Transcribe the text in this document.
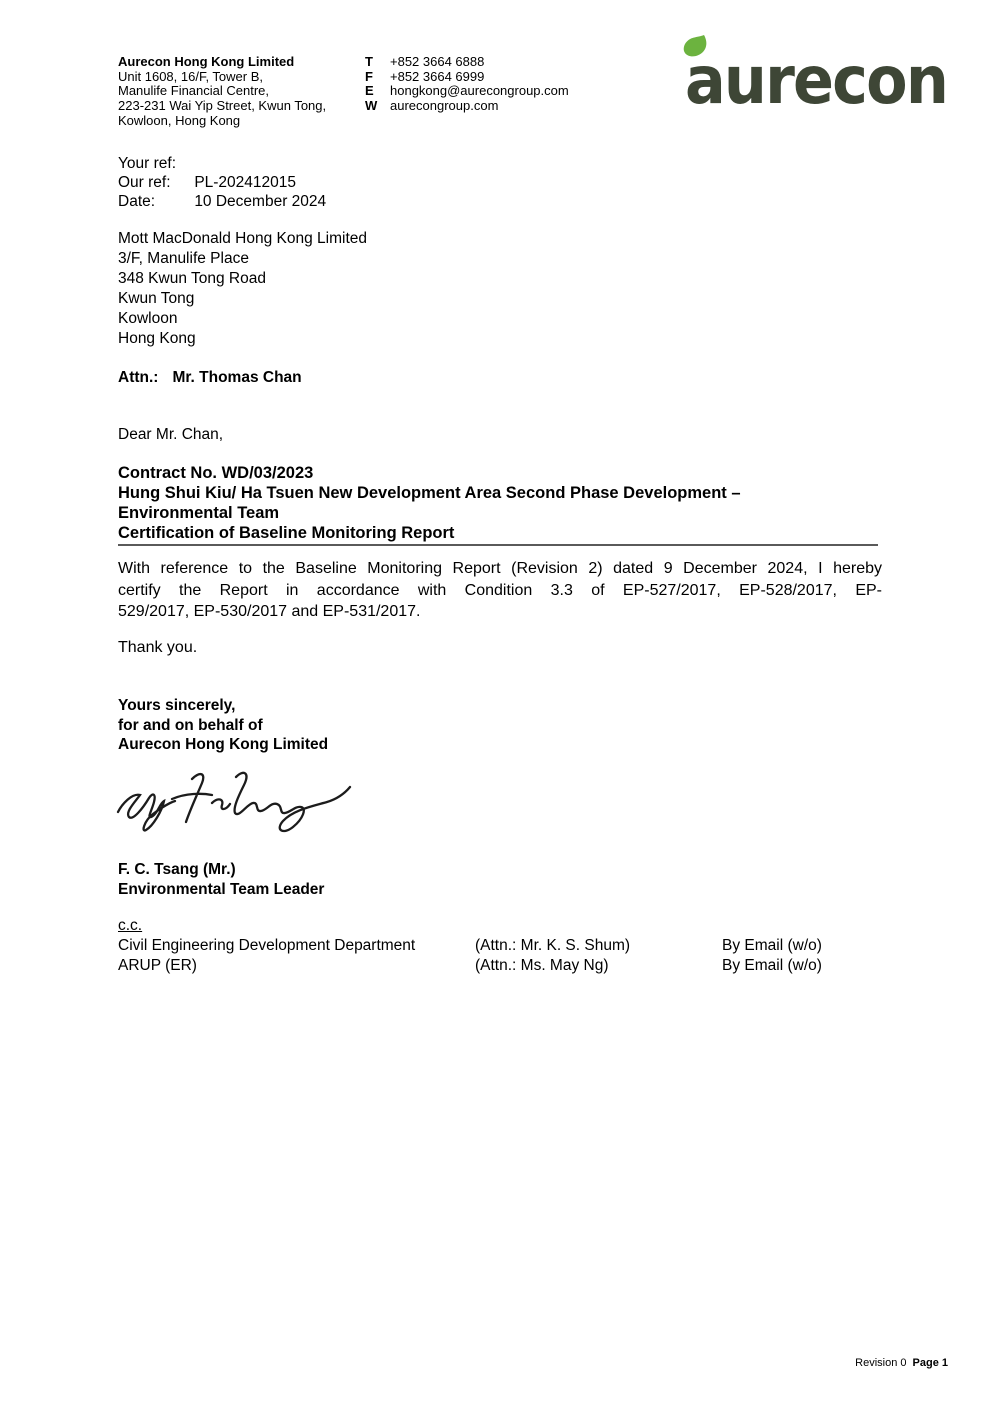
Aurecon Hong Kong Limited
Unit 1608, 16/F, Tower B,
Manulife Financial Centre,
223-231 Wai Yip Street, Kwun Tong,
Kowloon, Hong Kong
T	+852 3664 6888
F	+852 3664 6999
E	hongkong@aurecongroup.com
W aurecongroup.com	aurecon
Your ref:
Our ref: PL-202412015
Date:	10 December 2024
Mott MacDonald Hong Kong Limited
3/F, Manulife Place
348 Kwun Tong Road
Kwun Tong
Kowloon
Hong Kong
Attn.: Mr. Thomas Chan
Dear Mr. Chan,
Contract No. WD/03/2023
Hung Shui Kiu/ Ha Tsuen New Development Area Second Phase Development –
Environmental Team
Certification of Baseline Monitoring Report
With reference to the Baseline Monitoring Report (Revision 2) dated 9 December 2024, I hereby
certify the Report in accordance with Condition 3.3 of EP-527/2017, EP-528/2017, EP-
529/2017, EP-530/2017 and EP-531/2017.
Thank you.
Yours sincerely,
for and on behalf of
Aurecon Hong Kong Limited
F. C. Tsang (Mr.)
Environmental Team Leader
c.c.
Civil Engineering Development Department	(Attn.: Mr. K. S. Shum)	By Email (w/o)
ARUP (ER)	(Attn.: Ms. May Ng)	By Email (w/o)
Revision 0 Page 1
